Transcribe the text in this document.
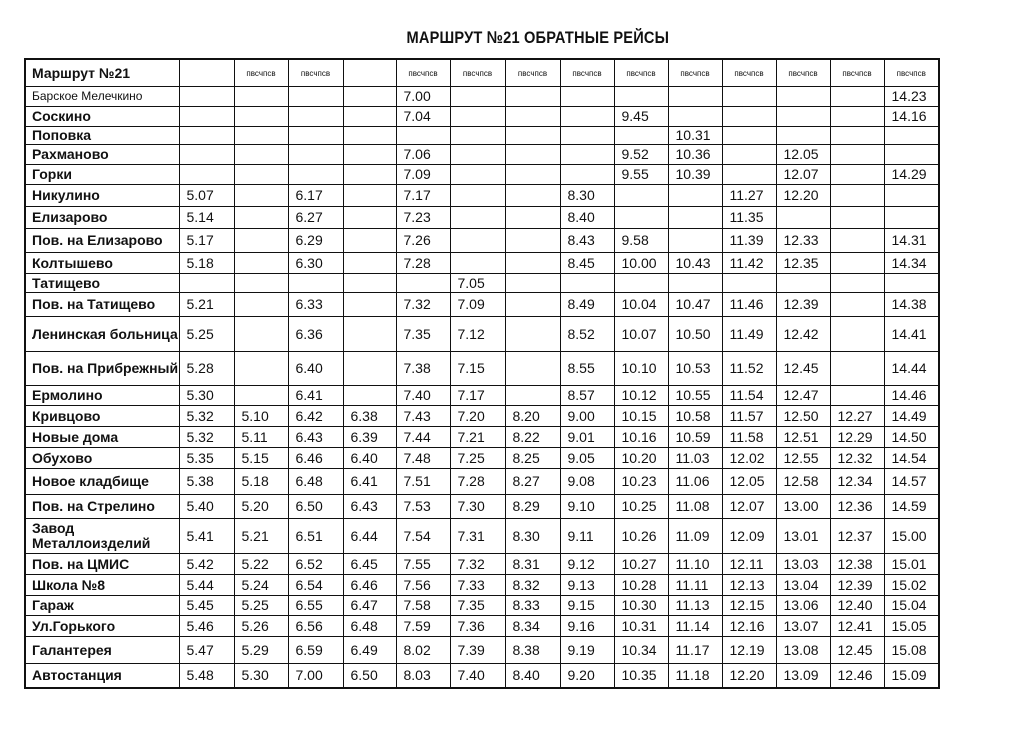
МАРШРУТ №21 ОБРАТНЫЕ РЕЙСЫ
Маршрут №21		пвсчпсв	пвсчпсв		пвсчпсв	пвсчпсв	пвсчпсв	пвсчпсв	пвсчпсв	пвсчпсв	пвсчпсв	пвсчпсв	пвсчпсв	пвсчпсв
Барское Мелечкино					7.00									14.23
Соскино					7.04				9.45					14.16
Поповка										10.31				
Рахманово					7.06				9.52	10.36		12.05		
Горки					7.09				9.55	10.39		12.07		14.29
Никулино	5.07		6.17		7.17			8.30			11.27	12.20		
Елизарово	5.14		6.27		7.23			8.40			11.35			
Пов. на Елизарово	5.17		6.29		7.26			8.43	9.58		11.39	12.33		14.31
Колтышево	5.18		6.30		7.28			8.45	10.00	10.43	11.42	12.35		14.34
Татищево						7.05								
Пов. на Татищево	5.21		6.33		7.32	7.09		8.49	10.04	10.47	11.46	12.39		14.38
Ленинская больница	5.25		6.36		7.35	7.12		8.52	10.07	10.50	11.49	12.42		14.41
Пов. на Прибрежный	5.28		6.40		7.38	7.15		8.55	10.10	10.53	11.52	12.45		14.44
Ермолино	5.30		6.41		7.40	7.17		8.57	10.12	10.55	11.54	12.47		14.46
Кривцово	5.32	5.10	6.42	6.38	7.43	7.20	8.20	9.00	10.15	10.58	11.57	12.50	12.27	14.49
Новые дома	5.32	5.11	6.43	6.39	7.44	7.21	8.22	9.01	10.16	10.59	11.58	12.51	12.29	14.50
Обухово	5.35	5.15	6.46	6.40	7.48	7.25	8.25	9.05	10.20	11.03	12.02	12.55	12.32	14.54
Новое кладбище	5.38	5.18	6.48	6.41	7.51	7.28	8.27	9.08	10.23	11.06	12.05	12.58	12.34	14.57
Пов. на Стрелино	5.40	5.20	6.50	6.43	7.53	7.30	8.29	9.10	10.25	11.08	12.07	13.00	12.36	14.59
Завод Металлоизделий	5.41	5.21	6.51	6.44	7.54	7.31	8.30	9.11	10.26	11.09	12.09	13.01	12.37	15.00
Пов. на ЦМИС	5.42	5.22	6.52	6.45	7.55	7.32	8.31	9.12	10.27	11.10	12.11	13.03	12.38	15.01
Школа №8	5.44	5.24	6.54	6.46	7.56	7.33	8.32	9.13	10.28	11.11	12.13	13.04	12.39	15.02
Гараж	5.45	5.25	6.55	6.47	7.58	7.35	8.33	9.15	10.30	11.13	12.15	13.06	12.40	15.04
Ул.Горького	5.46	5.26	6.56	6.48	7.59	7.36	8.34	9.16	10.31	11.14	12.16	13.07	12.41	15.05
Галантерея	5.47	5.29	6.59	6.49	8.02	7.39	8.38	9.19	10.34	11.17	12.19	13.08	12.45	15.08
Автостанция	5.48	5.30	7.00	6.50	8.03	7.40	8.40	9.20	10.35	11.18	12.20	13.09	12.46	15.09
